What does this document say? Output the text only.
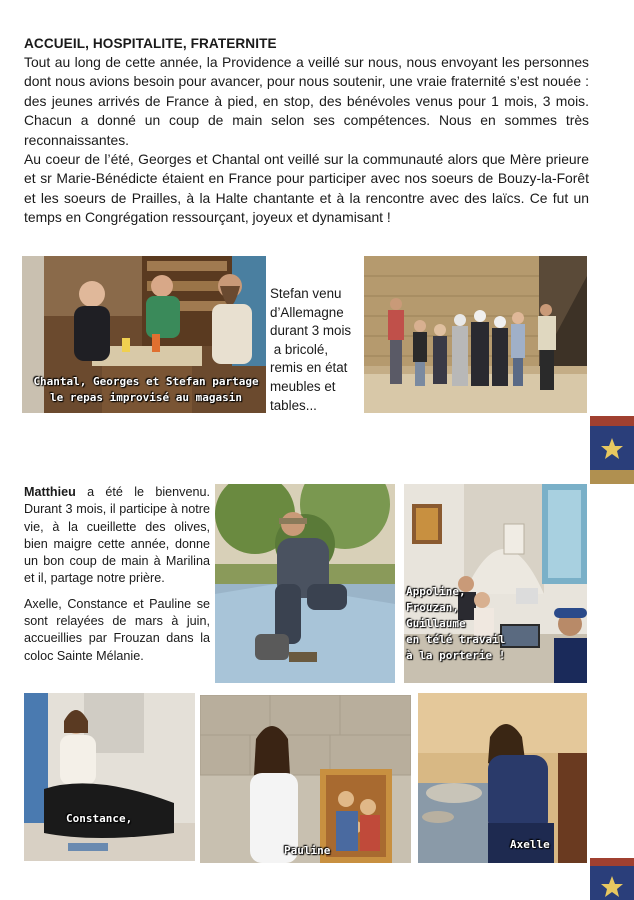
ACCUEIL, HOSPITALITE, FRATERNITE

Tout au long de cette année, la Providence a veillé sur nous, nous envoyant les personnes dont nous avions besoin pour avancer, pour nous soutenir, une vraie fraternité s’est nouée : des jeunes arrivés de France à pied, en stop, des bénévoles venus pour 1 mois, 3 mois. Chacun a donné un coup de main selon ses compétences. Nous en sommes très reconnaissantes.

Au coeur de l’été, Georges et Chantal ont veillé sur la communauté alors que Mère prieure et sr Marie-Bénédicte étaient en France pour participer avec nos soeurs de Bouzy-la-Forêt et les soeurs de Prailles, à la Halte chantante et à la rencontre avec des laïcs. Ce fut un temps en Congrégation ressourçant, joyeux et dynamisant !

Chantal, Georges et Stefan partage
le repas improvisé au magasin
Stefan venu
d’Allemagne
durant 3 mois
a bricolé,
remis en état
meubles et
tables...

Matthieu a été le bienvenu. Durant 3 mois, il participe à notre vie, à la cueillette des olives, bien maigre cette année, donne un bon coup de main à Marilina et il, partage notre prière.

Axelle, Constance et Pauline se sont relayées de mars à juin, accueillies par Frouzan dans la coloc Sainte Mélanie.

Appoline,
Frouzan,
Guillaume
en télé travail
à la porterie !
Constance,
Pauline	Axelle
